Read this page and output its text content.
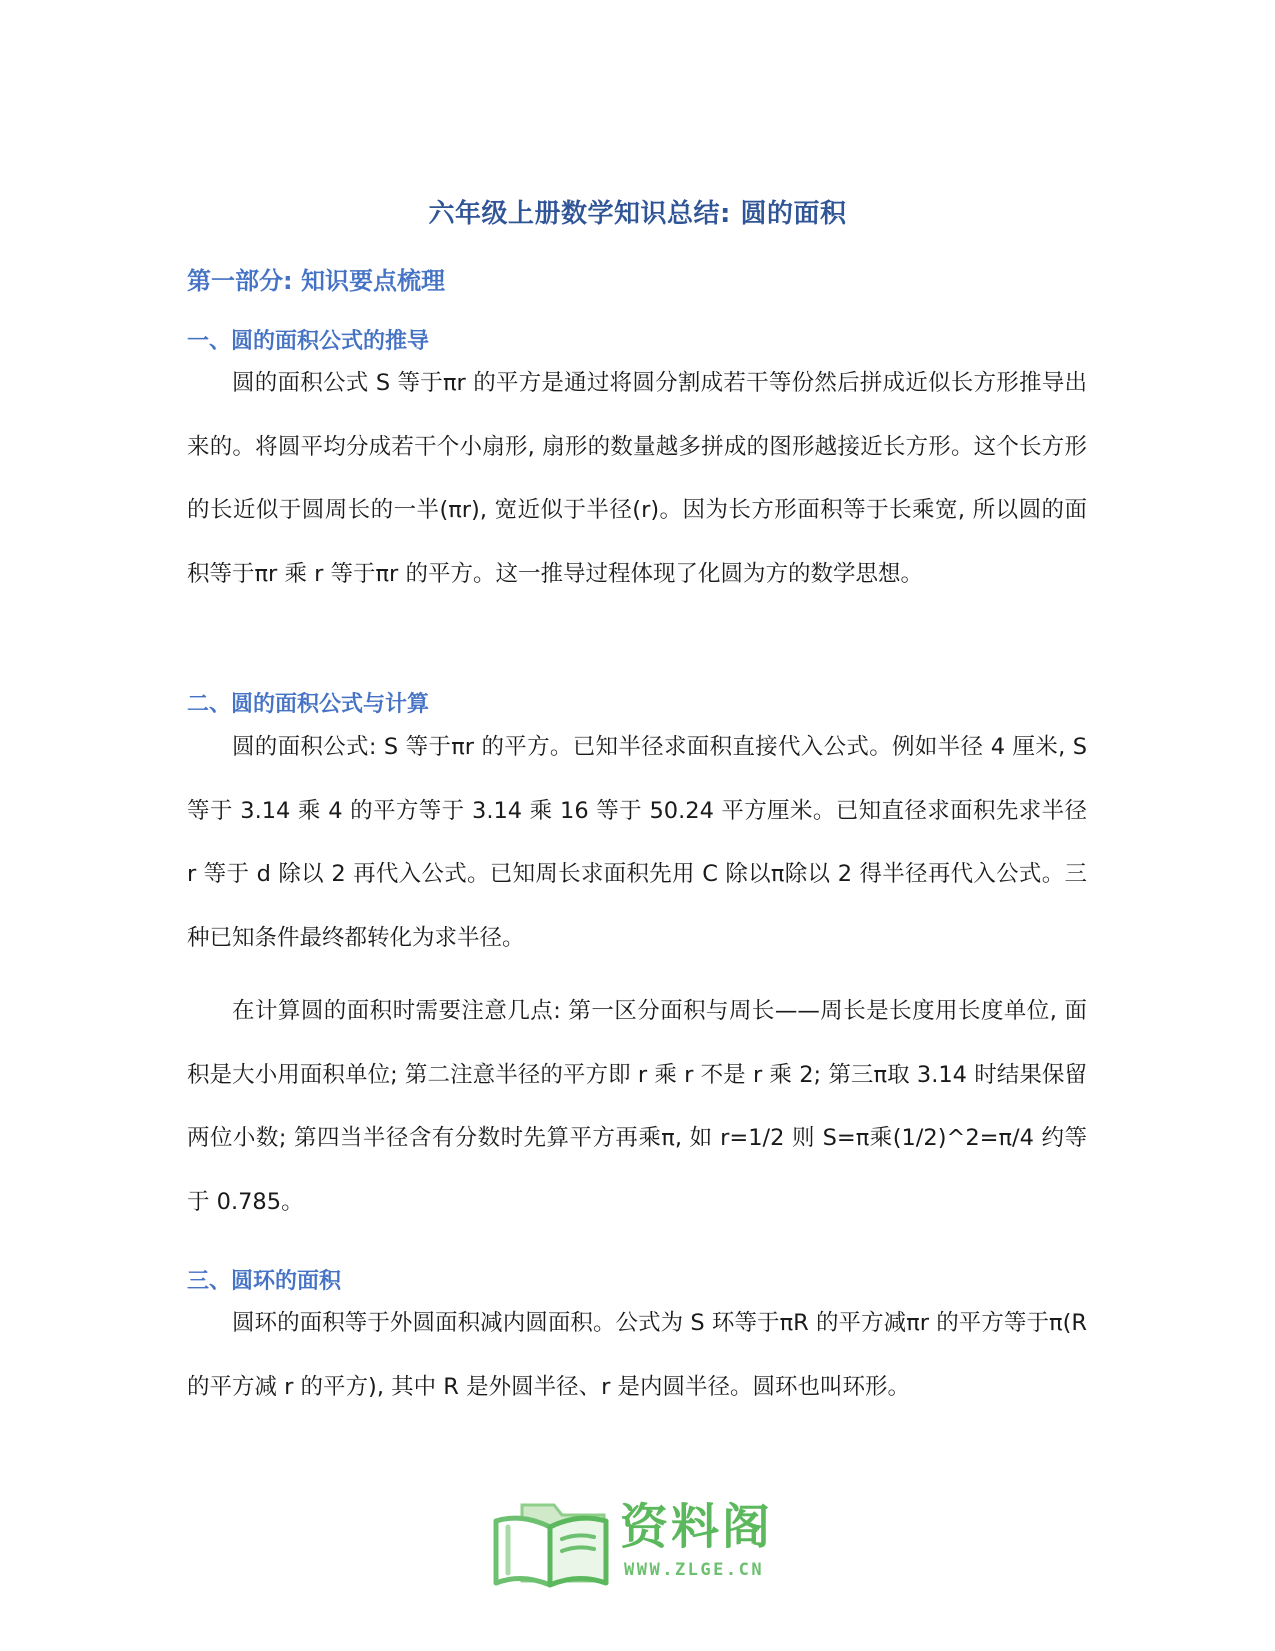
六年级上册数学知识总结: 圆的面积
第一部分: 知识要点梳理
一、圆的面积公式的推导

圆的面积公式 S 等于πr 的平方是通过将圆分割成若干等份然后拼成近似长方形推导出来的。将圆平均分成若干个小扇形, 扇形的数量越多拼成的图形越接近长方形。这个长方形的长近似于圆周长的一半(πr), 宽近似于半径(r)。因为长方形面积等于长乘宽, 所以圆的面积等于πr 乘 r 等于πr 的平方。这一推导过程体现了化圆为方的数学思想。

二、圆的面积公式与计算

圆的面积公式: S 等于πr 的平方。已知半径求面积直接代入公式。例如半径 4 厘米, S 等于 3.14 乘 4 的平方等于 3.14 乘 16 等于 50.24 平方厘米。已知直径求面积先求半径 r 等于 d 除以 2 再代入公式。已知周长求面积先用 C 除以π除以 2 得半径再代入公式。三种已知条件最终都转化为求半径。

在计算圆的面积时需要注意几点: 第一区分面积与周长——周长是长度用长度单位, 面积是大小用面积单位; 第二注意半径的平方即 r 乘 r 不是 r 乘 2; 第三π取 3.14 时结果保留两位小数; 第四当半径含有分数时先算平方再乘π, 如 r=1/2 则 S=π乘(1/2)^2=π/4 约等于 0.785。

三、圆环的面积

圆环的面积等于外圆面积减内圆面积。公式为 S 环等于πR 的平方减πr 的平方等于π(R 的平方减 r 的平方), 其中 R 是外圆半径、r 是内圆半径。圆环也叫环形。

资料阁
WWW.ZLGE.CN
